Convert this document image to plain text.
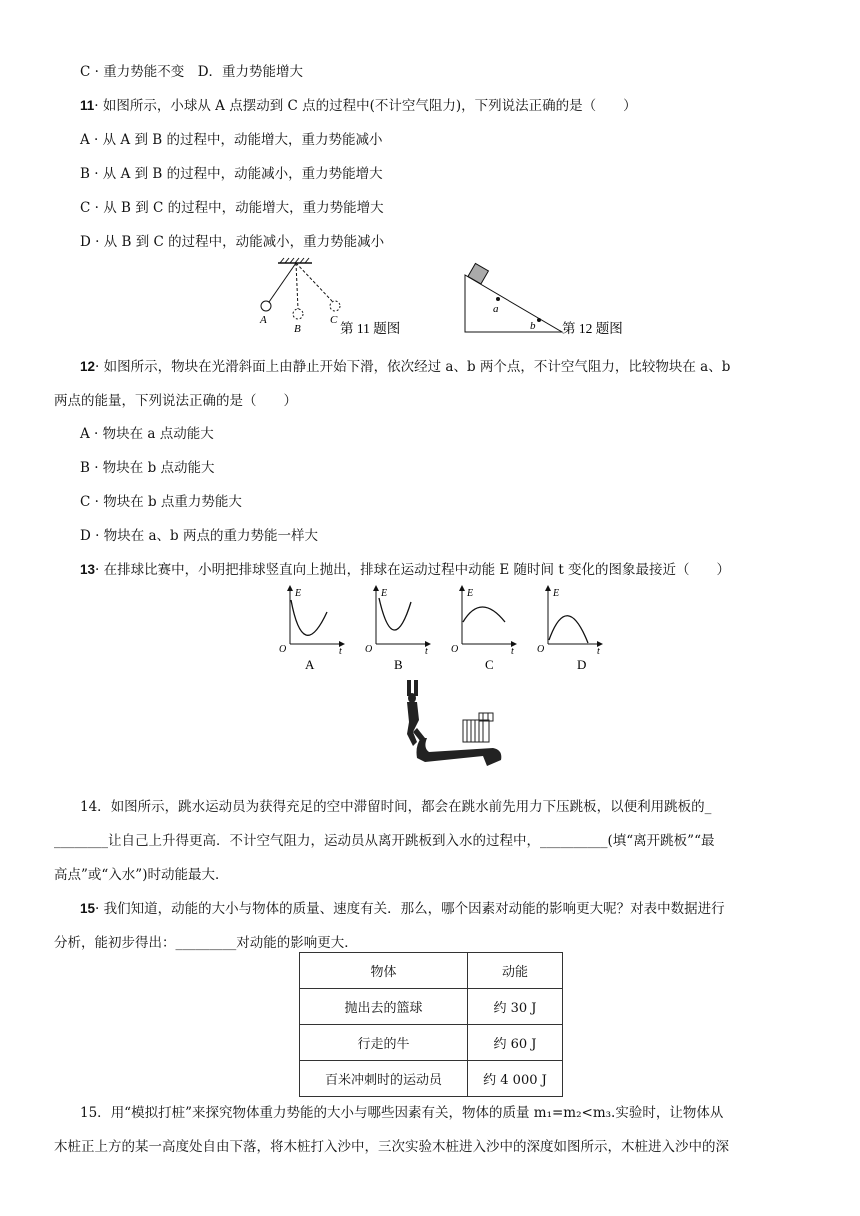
C · 重力势能不变　D．重力势能增大
11· 如图所示，小球从 A 点摆动到 C 点的过程中(不计空气阻力)，下列说法正确的是（　　）
A · 从 A 到 B 的过程中，动能增大，重力势能减小
B · 从 A 到 B 的过程中，动能减小，重力势能增大
C · 从 B 到 C 的过程中，动能增大，重力势能增大
D · 从 B 到 C 的过程中，动能减小，重力势能减小
A
B
C
第 11 题图
a
b 第 12 题图
12· 如图所示，物块在光滑斜面上由静止开始下滑，依次经过 a、b 两个点，不计空气阻力，比较物块在 a、b
两点的能量，下列说法正确的是（　　）
A · 物块在 a 点动能大
B · 物块在 b 点动能大
C · 物块在 b 点重力势能大
D · 物块在 a、b 两点的重力势能一样大
13· 在排球比赛中，小明把排球竖直向上抛出，排球在运动过程中动能 E 随时间 t 变化的图象最接近（　　）
E
t
O
A
E
t
O
B
E
t
O
C
E
t
O
D
14．如图所示，跳水运动员为获得充足的空中滞留时间，都会在跳水前先用力下压跳板，以便利用跳板的_
________让自己上升得更高．不计空气阻力，运动员从离开跳板到入水的过程中，__________(填“离开跳板”“最
高点”或“入水”)时动能最大．
15· 我们知道，动能的大小与物体的质量、速度有关．那么，哪个因素对动能的影响更大呢？对表中数据进行
分析，能初步得出：_________对动能的影响更大．
物体	动能
抛出去的篮球	约 30 J
行走的牛	约 60 J
百米冲刺时的运动员	约 4 000 J
15．用“模拟打桩”来探究物体重力势能的大小与哪些因素有关，物体的质量 m₁=m₂<m₃.实验时，让物体从
木桩正上方的某一高度处自由下落，将木桩打入沙中，三次实验木桩进入沙中的深度如图所示，木桩进入沙中的深
